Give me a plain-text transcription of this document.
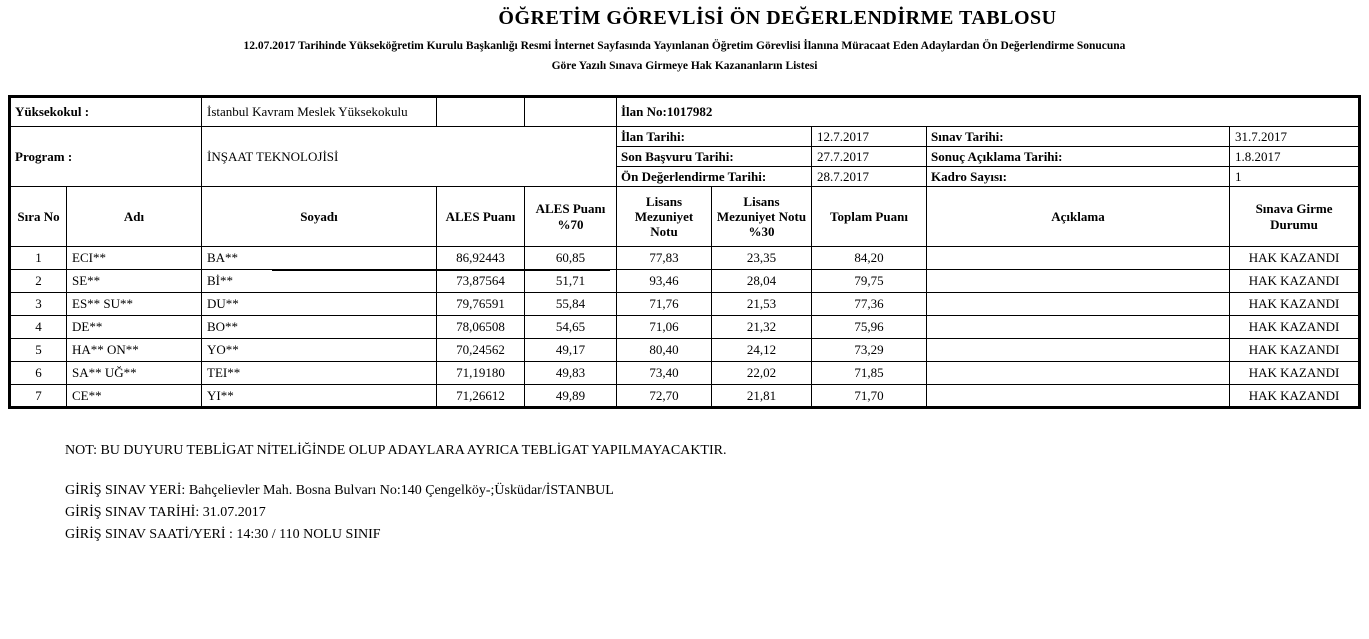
ÖĞRETİM GÖREVLİSİ ÖN DEĞERLENDİRME TABLOSU
12.07.2017 Tarihinde Yükseköğretim Kurulu Başkanlığı Resmi İnternet Sayfasında Yayınlanan Öğretim Görevlisi İlanına Müracaat Eden Adaylardan Ön Değerlendirme Sonucuna
Göre Yazılı Sınava Girmeye Hak Kazananların Listesi
Yüksekokul :		İstanbul Kavram Meslek Yüksekokulu			İlan No:1017982				
Program :		İNŞAAT TEKNOLOJİSİ			İlan Tarihi:		12.7.2017	Sınav Tarihi:	31.7.2017
					Son Başvuru Tarihi:		27.7.2017	Sonuç Açıklama Tarihi:	1.8.2017
					Ön Değerlendirme Tarihi:		28.7.2017	Kadro Sayısı:	1
Sıra No	Adı	Soyadı	ALES Puanı	ALES Puanı %70	Lisans Mezuniyet Notu	Lisans Mezuniyet Notu %30	Toplam Puanı	Açıklama	Sınava Girme Durumu
1	ECI**	BA**	86,92443	60,85	77,83	23,35	84,20		HAK KAZANDI
2	SE**	Bİ**	73,87564	51,71	93,46	28,04	79,75		HAK KAZANDI
3	ES** SU**	DU**	79,76591	55,84	71,76	21,53	77,36		HAK KAZANDI
4	DE**	BO**	78,06508	54,65	71,06	21,32	75,96		HAK KAZANDI
5	HA** ON**	YO**	70,24562	49,17	80,40	24,12	73,29		HAK KAZANDI
6	SA** UĞ**	TEI**	71,19180	49,83	73,40	22,02	71,85		HAK KAZANDI
7	CE**	YI**	71,26612	49,89	72,70	21,81	71,70		HAK KAZANDI
NOT: BU DUYURU TEBLİGAT NİTELİĞİNDE OLUP ADAYLARA AYRICA TEBLİGAT YAPILMAYACAKTIR.
GİRİŞ SINAV YERİ: Bahçelievler Mah. Bosna Bulvarı No:140 Çengelköy-;Üsküdar/İSTANBUL
GİRİŞ SINAV TARİHİ: 31.07.2017
GİRİŞ SINAV SAATİ/YERİ : 14:30 / 110 NOLU SINIF
